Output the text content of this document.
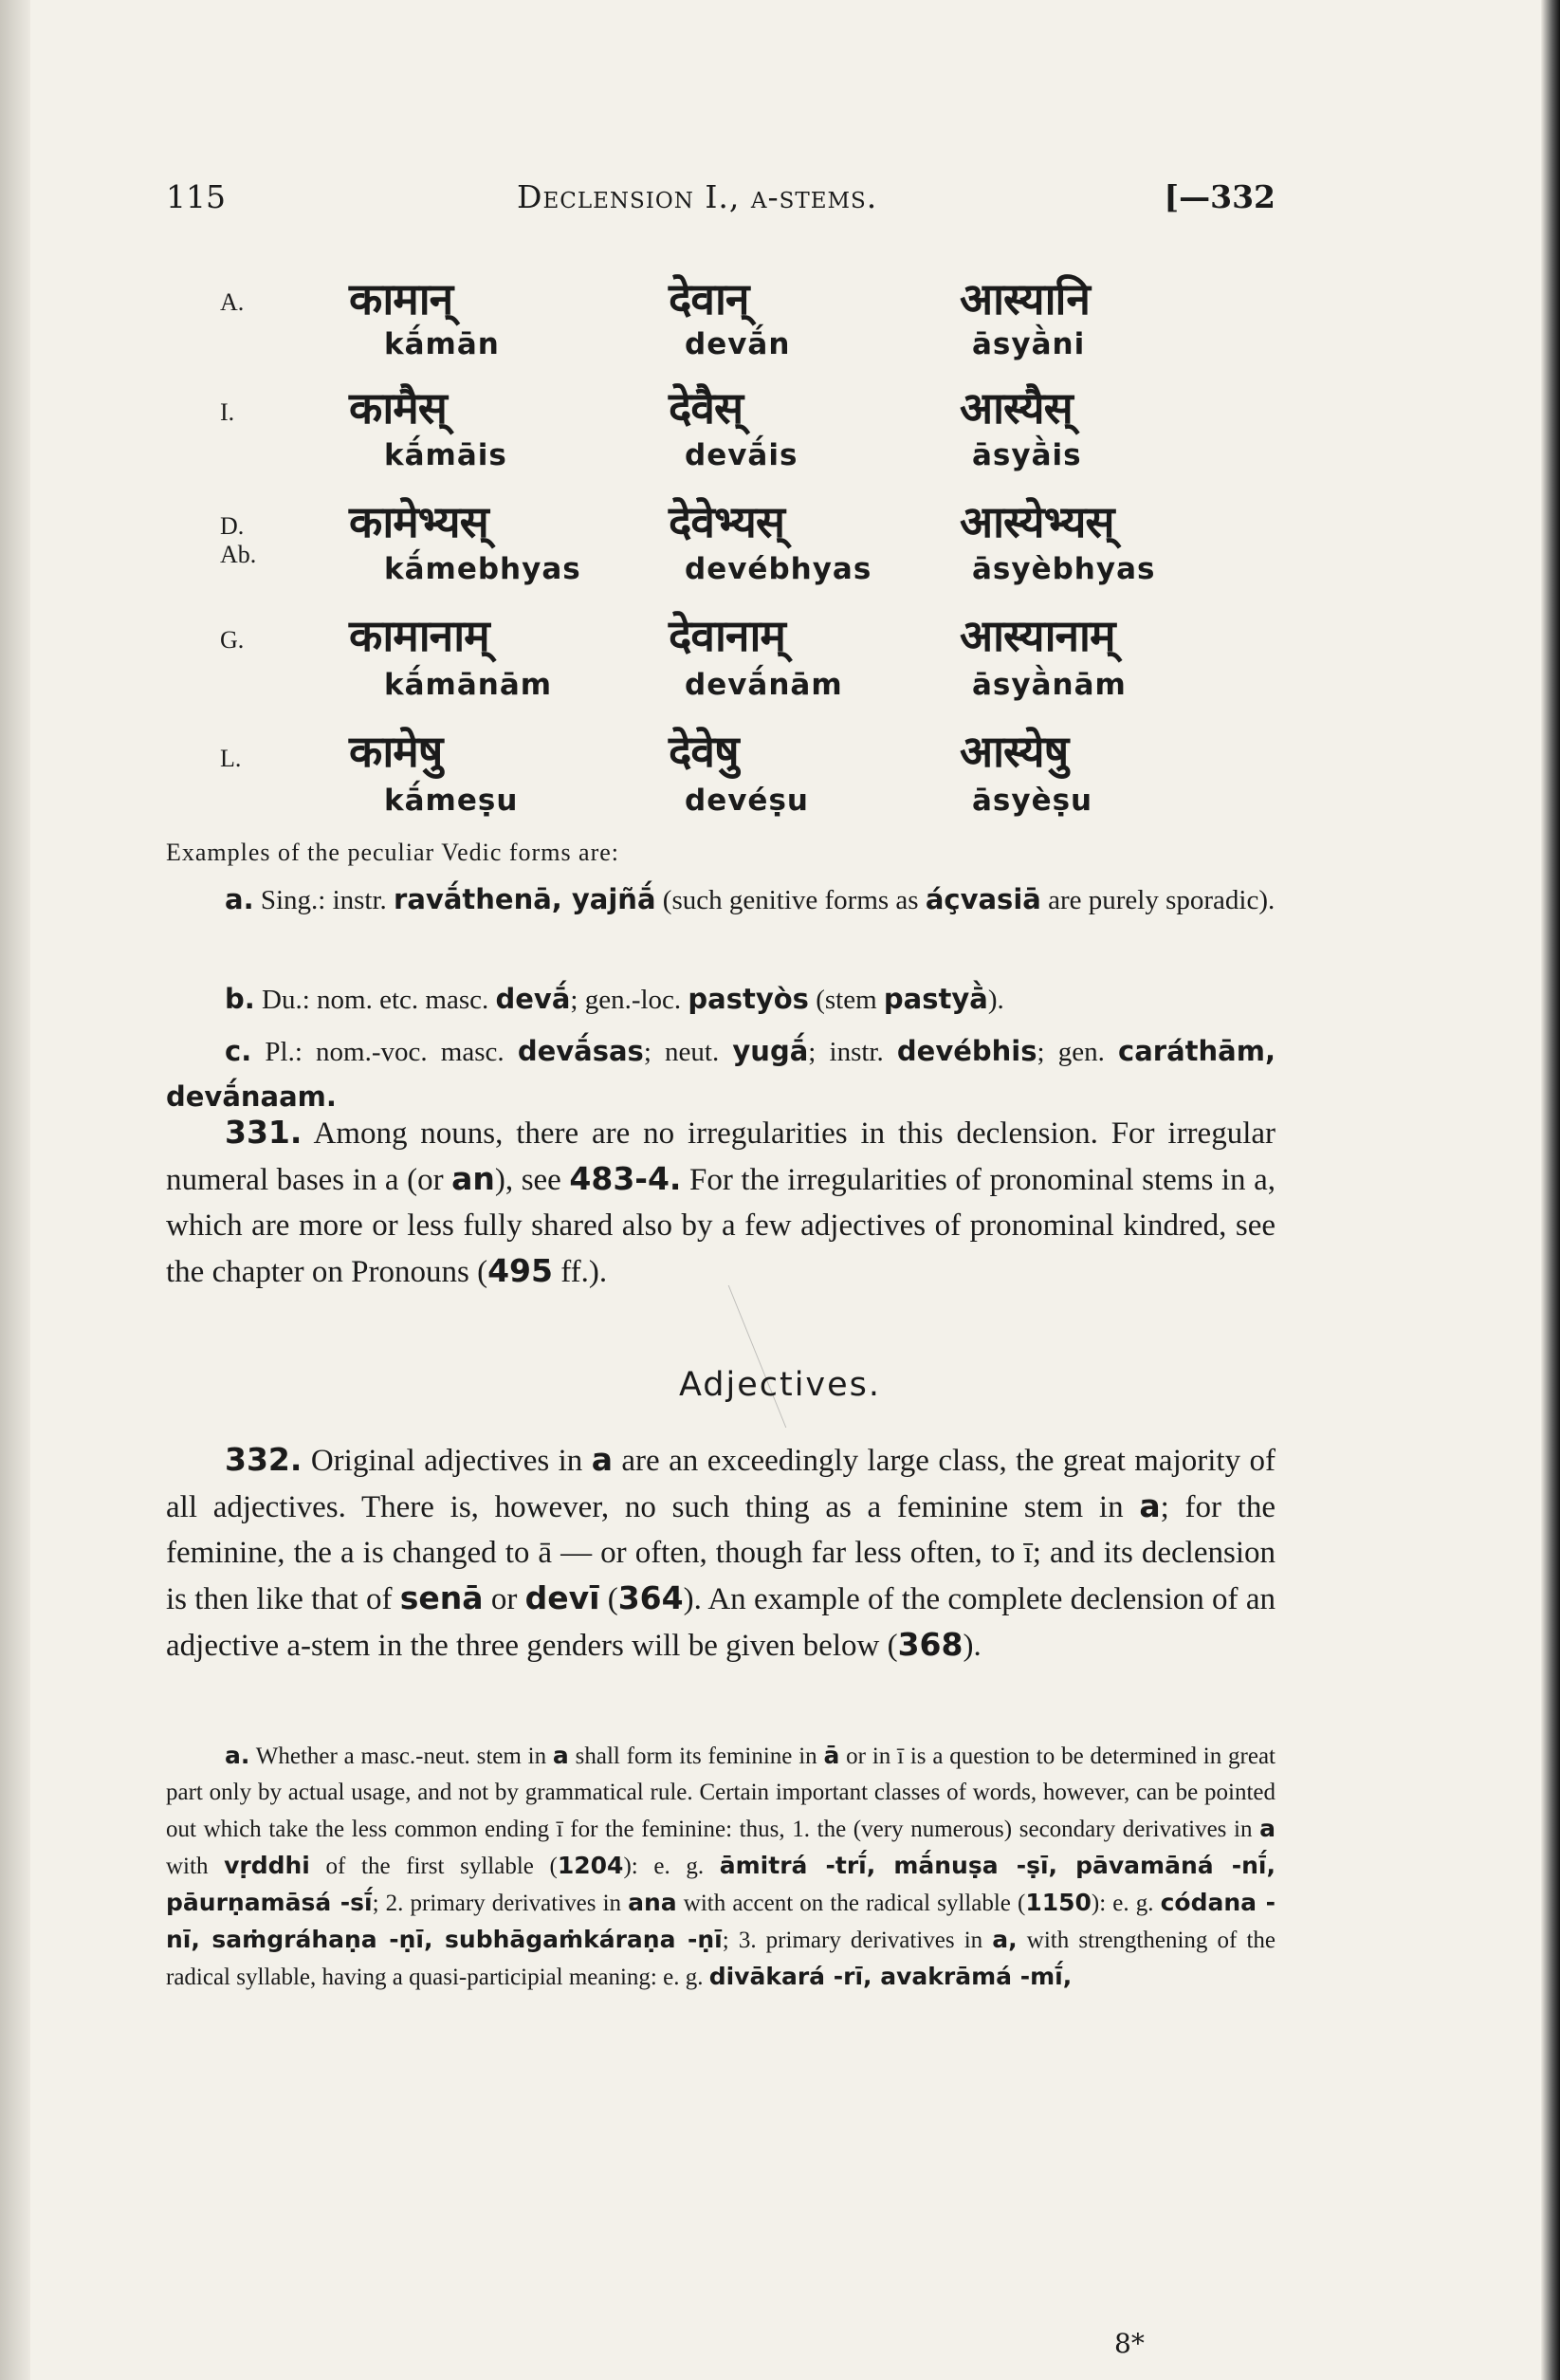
115	Declension I., a-stems.	[—332
A.
I.
D. Ab.
G.
L.
कामान्
kā́mān
कामैस्
kā́māis
कामेभ्यस्
kā́mebhyas
कामानाम्
kā́mānām
कामेषु
kā́meṣu
देवान्
devā́n
देवैस्
devā́is
देवेभ्यस्
devébhyas
देवानाम्
devā́nām
देवेषु
devéṣu
आस्यानि
āsyā̀ni
आस्यैस्
āsyā̀is
आस्येभ्यस्
āsyèbhyas
आस्यानाम्
āsyā̀nām
आस्येषु
āsyèṣu
Examples of the peculiar Vedic forms are:
a. Sing.: instr. ravā́thenā, yajñā́ (such genitive forms as áçvasiā are purely sporadic).
b. Du.: nom. etc. masc. devā́; gen.-loc. pastyòs (stem pastyā̀).
c. Pl.: nom.-voc. masc. devā́sas; neut. yugā́; instr. devébhis; gen. caráthām, devā́naam.
331. Among nouns, there are no irregularities in this declension. For irregular numeral bases in a (or an), see 483-4. For the irregularities of pronominal stems in a, which are more or less fully shared also by a few adjectives of pronominal kindred, see the chapter on Pronouns (495 ff.).
Adjectives.
332. Original adjectives in a are an exceedingly large class, the great majority of all adjectives. There is, however, no such thing as a feminine stem in a; for the feminine, the a is changed to ā — or often, though far less often, to ī; and its declension is then like that of senā or devī (364). An example of the complete declension of an adjective a-stem in the three genders will be given below (368).
a. Whether a masc.-neut. stem in a shall form its feminine in ā or in ī is a question to be determined in great part only by actual usage, and not by grammatical rule. Certain important classes of words, however, can be pointed out which take the less common ending ī for the feminine: thus, 1. the (very numerous) secondary derivatives in a with vṛddhi of the first syllable (1204): e. g. āmitrá -trī́, mā́nuṣa -ṣī, pāvamāná -nī́, pāurṇamāsá -sī́; 2. primary derivatives in ana with accent on the radical syllable (1150): e. g. códana -nī, saṁgráhaṇa -ṇī, subhāgaṁkáraṇa -ṇī; 3. primary derivatives in a, with strengthening of the radical syllable, having a quasi-participial meaning: e. g. divākará -rī, avakrāmá -mī́,
8*
